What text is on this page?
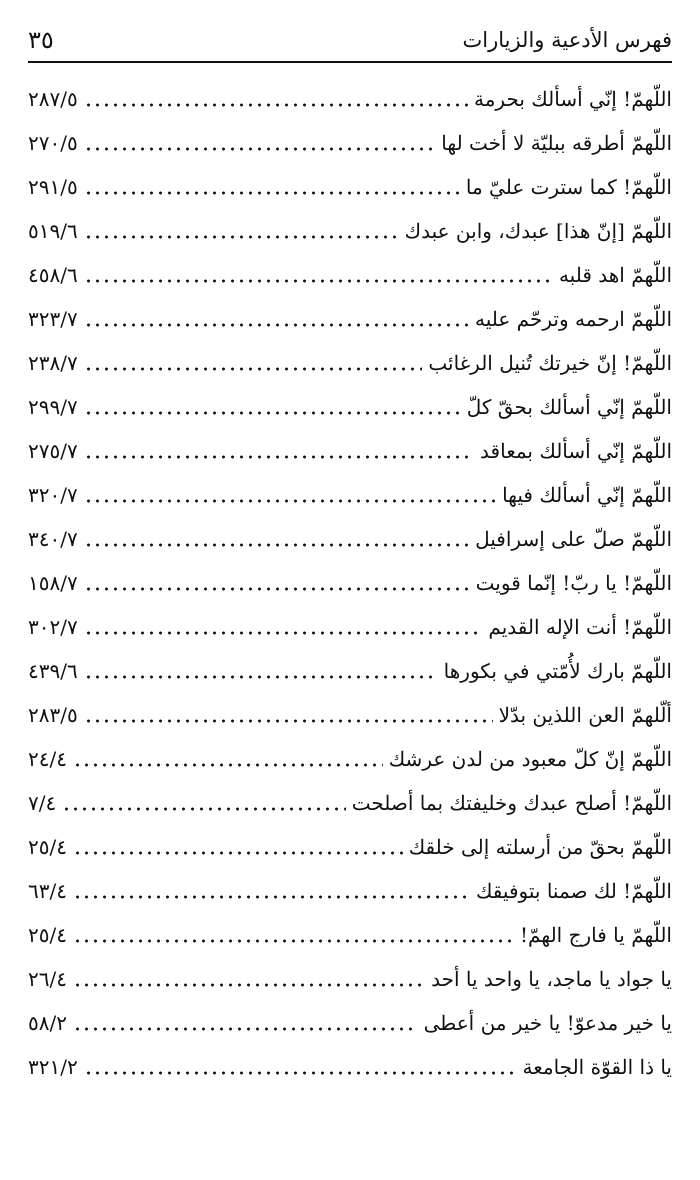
فهرس الأدعية والزيارات
٣٥
اللّهمّ! إنّي أسألك بحرمة
٢٨٧/٥
اللّهمّ أطرقه ببليّة لا أخت لها
٢٧٠/٥
اللّهمّ! كما سترت عليّ ما
٢٩١/٥
اللّهمّ [إنّ هذا] عبدك، وابن عبدك
٥١٩/٦
اللّهمّ اهد قلبه
٤٥٨/٦
اللّهمّ ارحمه وترحّم عليه
٣٢٣/٧
اللّهمّ! إنّ خيرتك تُنيل الرغائب
٢٣٨/٧
اللّهمّ إنّي أسألك بحقّ كلّ
٢٩٩/٧
اللّهمّ إنّي أسألك بمعاقد
٢٧٥/٧
اللّهمّ إنّي أسألك فيها
٣٢٠/٧
اللّهمّ صلّ على إسرافيل
٣٤٠/٧
اللّهمّ! يا ربّ! إنّما قويت
١٥٨/٧
اللّهمّ! أنت الإله القديم
٣٠٢/٧
اللّهمّ بارك لأُمّتي في بكورها
٤٣٩/٦
ألّلهمّ العن اللذين بدّلا
٢٨٣/٥
اللّهمّ إنّ كلّ معبود من لدن عرشك
٢٤/٤
اللّهمّ! أصلح عبدك وخليفتك بما أصلحت
٧/٤
اللّهمّ بحقّ من أرسلته إلى خلقك
٢٥/٤
اللّهمّ! لك صمنا بتوفيقك
٦٣/٤
اللّهمّ يا فارج الهمّ!
٢٥/٤
يا جواد يا ماجد، يا واحد يا أحد
٢٦/٤
يا خير مدعوّ! يا خير من أعطى
٥٨/٢
يا ذا القوّة الجامعة
٣٢١/٢
